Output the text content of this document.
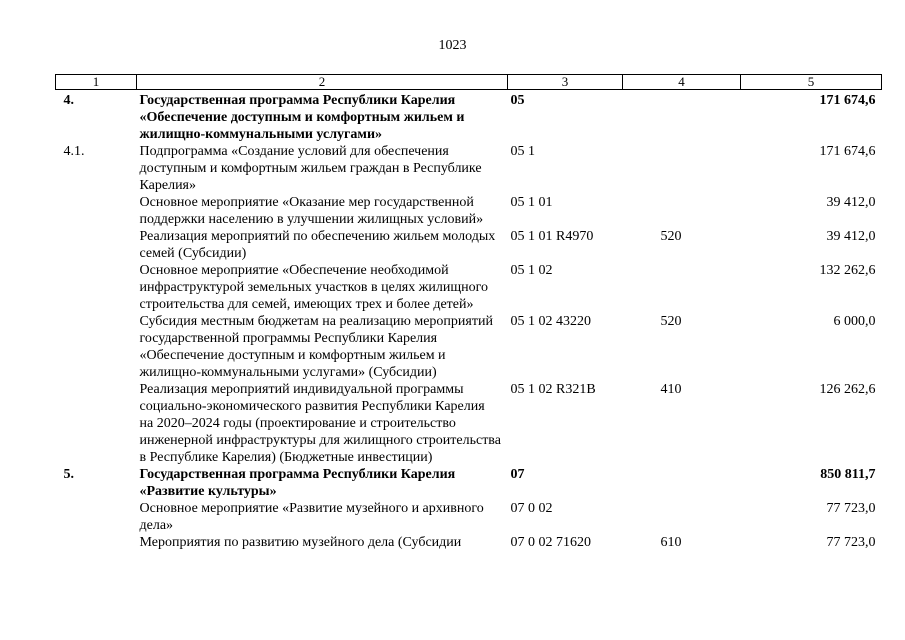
1023
1	2	3	4	5
4.	Государственная программа Республики Карелия «Обеспечение доступным и комфортным жильем и жилищно-коммунальными услугами»	05		171 674,6
4.1.	Подпрограмма «Создание условий для обеспечения доступным и комфортным жильем граждан в Республике Карелия»	05 1		171 674,6
	Основное мероприятие «Оказание мер государственной поддержки населению в улучшении жилищных условий»	05 1 01		39 412,0
	Реализация мероприятий по обеспечению жильем молодых семей (Субсидии)	05 1 01 R4970	520	39 412,0
	Основное мероприятие «Обеспечение необходимой инфраструктурой земельных участков в целях жилищного строительства для семей, имеющих трех и более детей»	05 1 02		132 262,6
	Субсидия местным бюджетам на реализацию мероприятий государственной программы Республики Карелия «Обеспечение доступным и комфортным жильем и жилищно-коммунальными услугами» (Субсидии)	05 1 02 43220	520	6 000,0
	Реализация мероприятий индивидуальной программы социально-экономического развития Республики Карелия на 2020–2024 годы (проектирование и строительство инженерной инфраструктуры для жилищного строительства в Республике Карелия) (Бюджетные инвестиции)	05 1 02 R321В	410	126 262,6
5.	Государственная программа Республики Карелия «Развитие культуры»	07		850 811,7
	Основное мероприятие «Развитие музейного и архивного дела»	07 0 02		77 723,0
	Мероприятия по развитию музейного дела (Субсидии	07 0 02 71620	610	77 723,0
